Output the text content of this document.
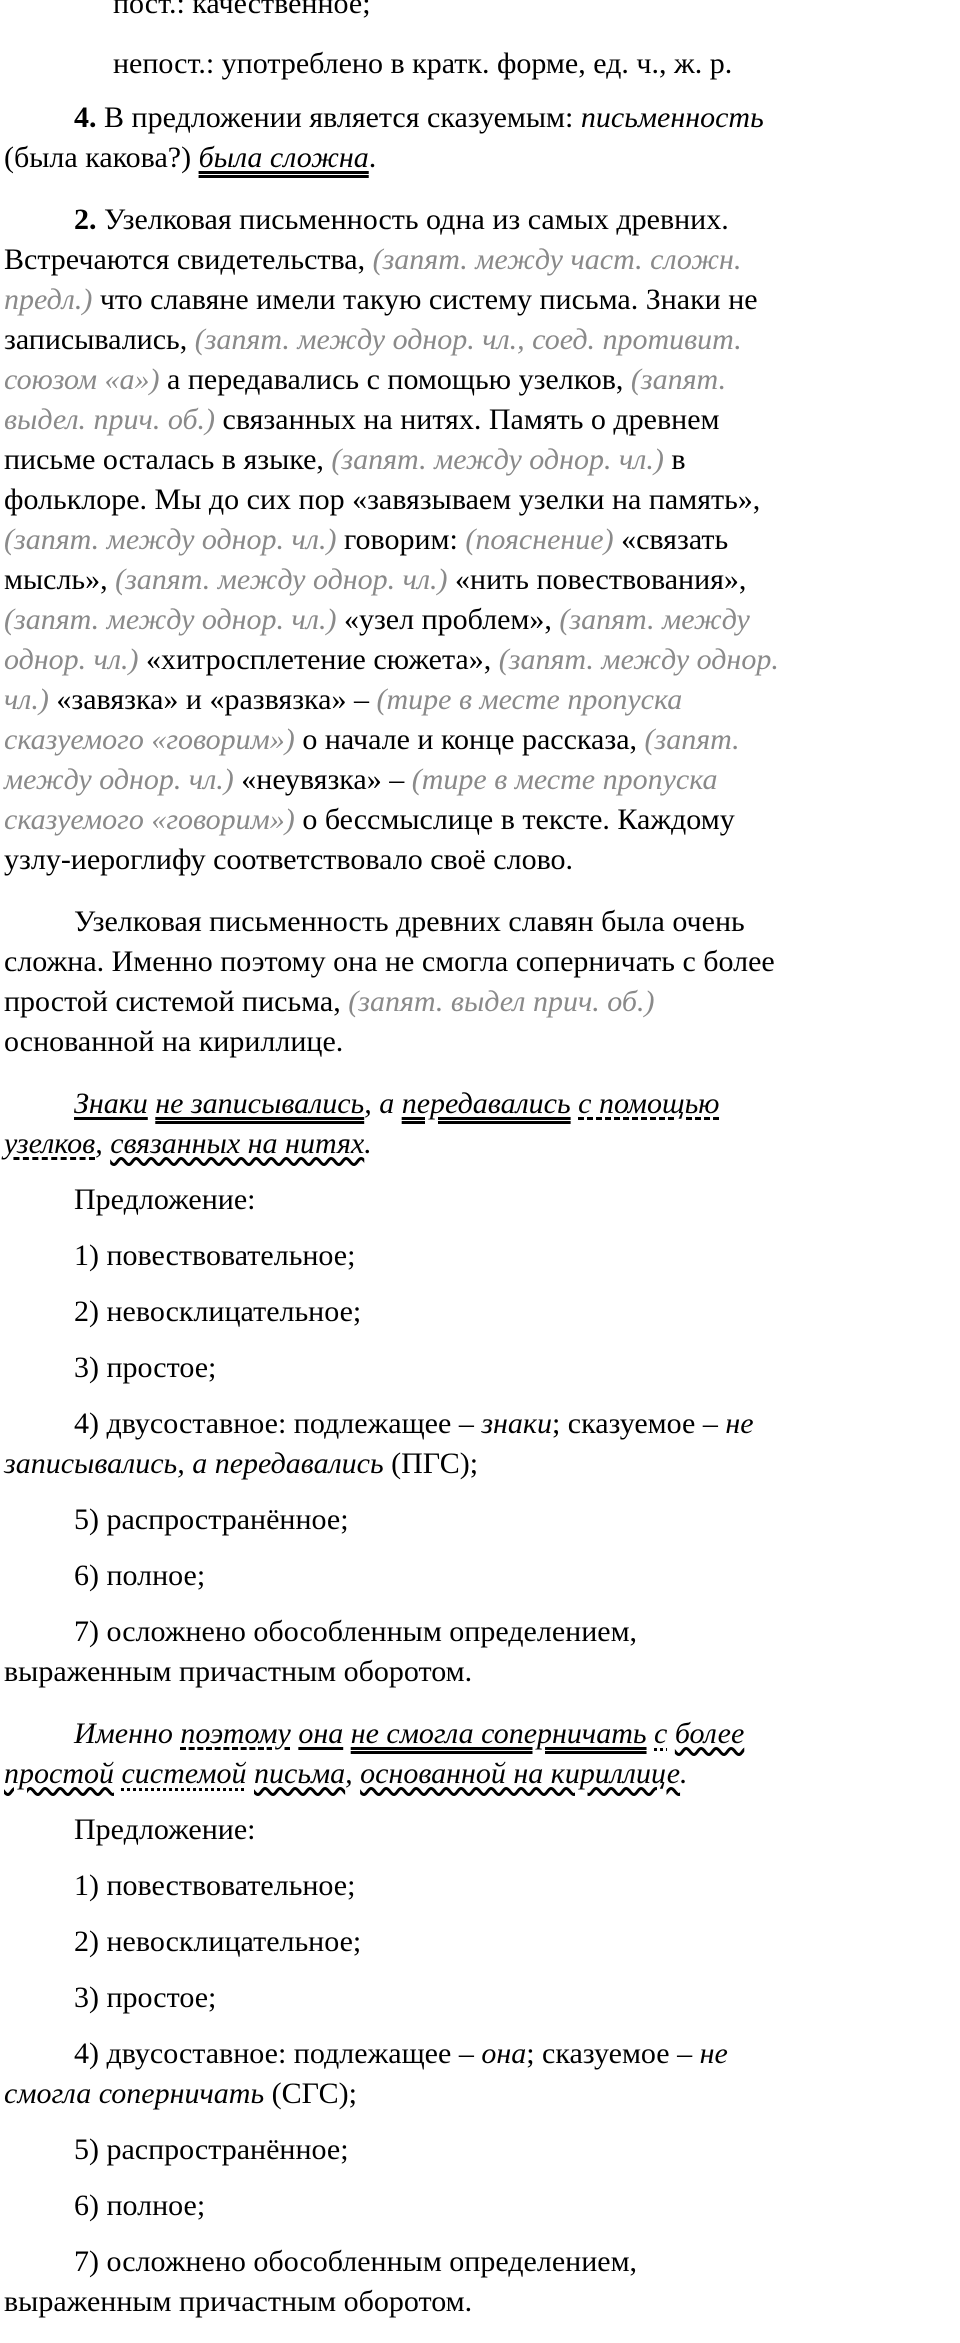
пост.: качественное;

непост.: употреблено в кратк. форме, ед. ч., ж. р.

4. В предложении является сказуемым: письменность

(была какова?) была сложна.

2. Узелковая письменность одна из самых древних.

Встречаются свидетельства, (запят. между част. сложн.

предл.) что славяне имели такую систему письма. Знаки не

записывались, (запят. между однор. чл., соед. противит.

союзом «а») а передавались с помощью узелков, (запят.

выдел. прич. об.) связанных на нитях. Память о древнем

письме осталась в языке, (запят. между однор. чл.) в

фольклоре. Мы до сих пор «завязываем узелки на память»,

(запят. между однор. чл.) говорим: (пояснение) «связать

мысль», (запят. между однор. чл.) «нить повествования»,

(запят. между однор. чл.) «узел проблем», (запят. между

однор. чл.) «хитросплетение сюжета», (запят. между однор.

чл.) «завязка» и «развязка» – (тире в месте пропуска

сказуемого «говорим») о начале и конце рассказа, (запят.

между однор. чл.) «неувязка» – (тире в месте пропуска

сказуемого «говорим») о бессмыслице в тексте. Каждому

узлу-иероглифу соответствовало своё слово.

Узелковая письменность древних славян была очень

сложна. Именно поэтому она не смогла соперничать с более

простой системой письма, (запят. выдел прич. об.)

основанной на кириллице.

Знаки не записывались, а передавались с помощью

узелков, связанных на нитях.

Предложение:

1) повествовательное;

2) невосклицательное;

3) простое;

4) двусоставное: подлежащее – знаки; сказуемое – не

записывались, а передавались (ПГС);

5) распространённое;

6) полное;

7) осложнено обособленным определением,

выраженным причастным оборотом.

Именно поэтому она не смогла соперничать с более

простой системой письма, основанной на кириллице.

Предложение:

1) повествовательное;

2) невосклицательное;

3) простое;

4) двусоставное: подлежащее – она; сказуемое – не

смогла соперничать (СГС);

5) распространённое;

6) полное;

7) осложнено обособленным определением,

выраженным причастным оборотом.
